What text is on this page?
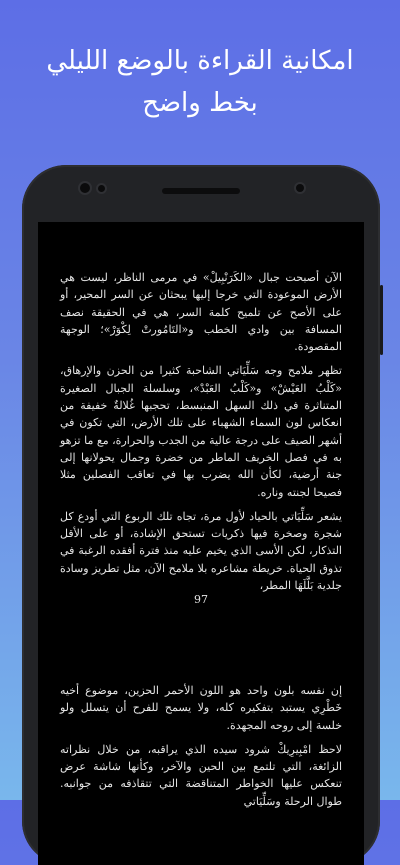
امكانية القراءة بالوضع الليلي
بخط واضح

الآن أصبحت جبال «الكَرَنْبِيلْ» في مرمى الناظر، ليست هي الأرض الموعودة التي خرجا إليها يبحثان عن السر المحير، أو على الأصح عن تلميح كلمة السر، هي في الحقيقة نصف المسافة بين وادي الخطب و«التَامُورتْ لِكْوَرْ»؛ الوجهة المقصودة.

تظهر ملامح وجه سَلِّيَاتي الشاحبة كثيرا من الحزن والإرهاق، «كَلْبُ العَيْشْ» و«كَلْبُ العَبْدْ»، وسلسلة الجبال الصغيرة المتناثرة في ذلك السهل المنبسط، تحجبها غُلالةٌ خفيفة من انعكاس لون السماء الشهباء على تلك الأرض، التي تكون في أشهر الصيف على درجة عالية من الجدب والحرارة، مع ما تزهو به في فصل الخريف الماطر من خضرة وجمال يحولانها إلى جنة أرضية، لكأن الله يضرب بها في تعاقب الفصلين مثلا فصيحا لجنته وناره.

يشعر سَلِّيَاتي بالحياد لأول مرة، تجاه تلك الربوع التي أودع كل شجرة وصخرة فيها ذكريات تستحق الإشادة، أو على الأقل التذكار، لكن الأسى الذي يخيم عليه منذ فترة أفقده الرغبة في تذوق الحياة. خريطة مشاعره بلا ملامح الآن، مثل تطريز وسادة جلدية بَلَّلَهَا المطر،

97

إن نفسه بلون واحد هو اللون الأحمر الحزين، موضوع أخيه خَطْرِي يستبد بتفكيره كله، ولا يسمح للفرح أن يتسلل ولو خلسة إلى روحه المجهدة.

لاحظ امْبِيرِيكْ شرود سيده الذي يراقبه، من خلال نظراته الزائغة، التي تلتمع بين الحين والآخر، وكأنها شاشة عرض تنعكس عليها الخواطر المتناقضة التي تتقاذفه من جوانبه. طوال الرحلة وسَلِّيَاتي
